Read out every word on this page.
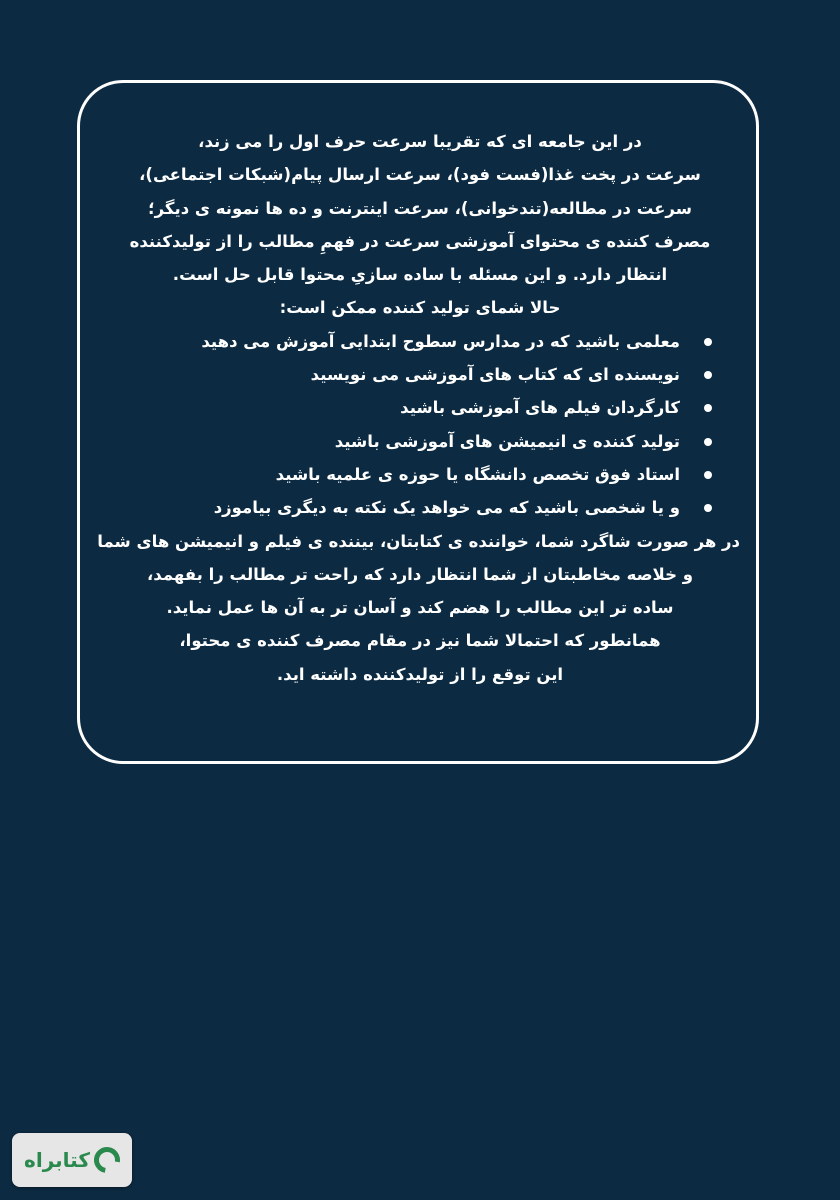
در این جامعه ای که تقریبا سرعت حرف اول را می زند،

سرعت در پخت غذا(فست فود)، سرعت ارسال پیام(شبکات اجتماعی)،

سرعت در مطالعه(تندخوانی)، سرعت اینترنت و ده ها نمونه ی دیگر؛

مصرف کننده ی محتوای آموزشی سرعت در فهمِ مطالب را از تولیدکننده

انتظار دارد. و این مسئله با ساده سازیِ محتوا قابل حل است.

حالا شمای تولید کننده ممکن است:

معلمی باشید که در مدارس سطوح ابتدایی آموزش می دهید
نویسنده ای که کتاب های آموزشی می نویسید
کارگردان فیلم های آموزشی باشید
تولید کننده ی انیمیشن های آموزشی باشید
استاد فوق تخصص دانشگاه یا حوزه ی علمیه باشید
و یا شخصی باشید که می خواهد یک نکته به دیگری بیاموزد

در هر صورت شاگرد شما، خواننده ی کتابتان، بیننده ی فیلم و انیمیشن های شما

و خلاصه مخاطبتان از شما انتظار دارد که راحت تر مطالب را بفهمد،

ساده تر این مطالب را هضم کند و آسان تر به آن ها عمل نماید.

همانطور که احتمالا شما نیز در مقام مصرف کننده ی محتوا،

این توقع را از تولیدکننده داشته اید.

کتابراه
